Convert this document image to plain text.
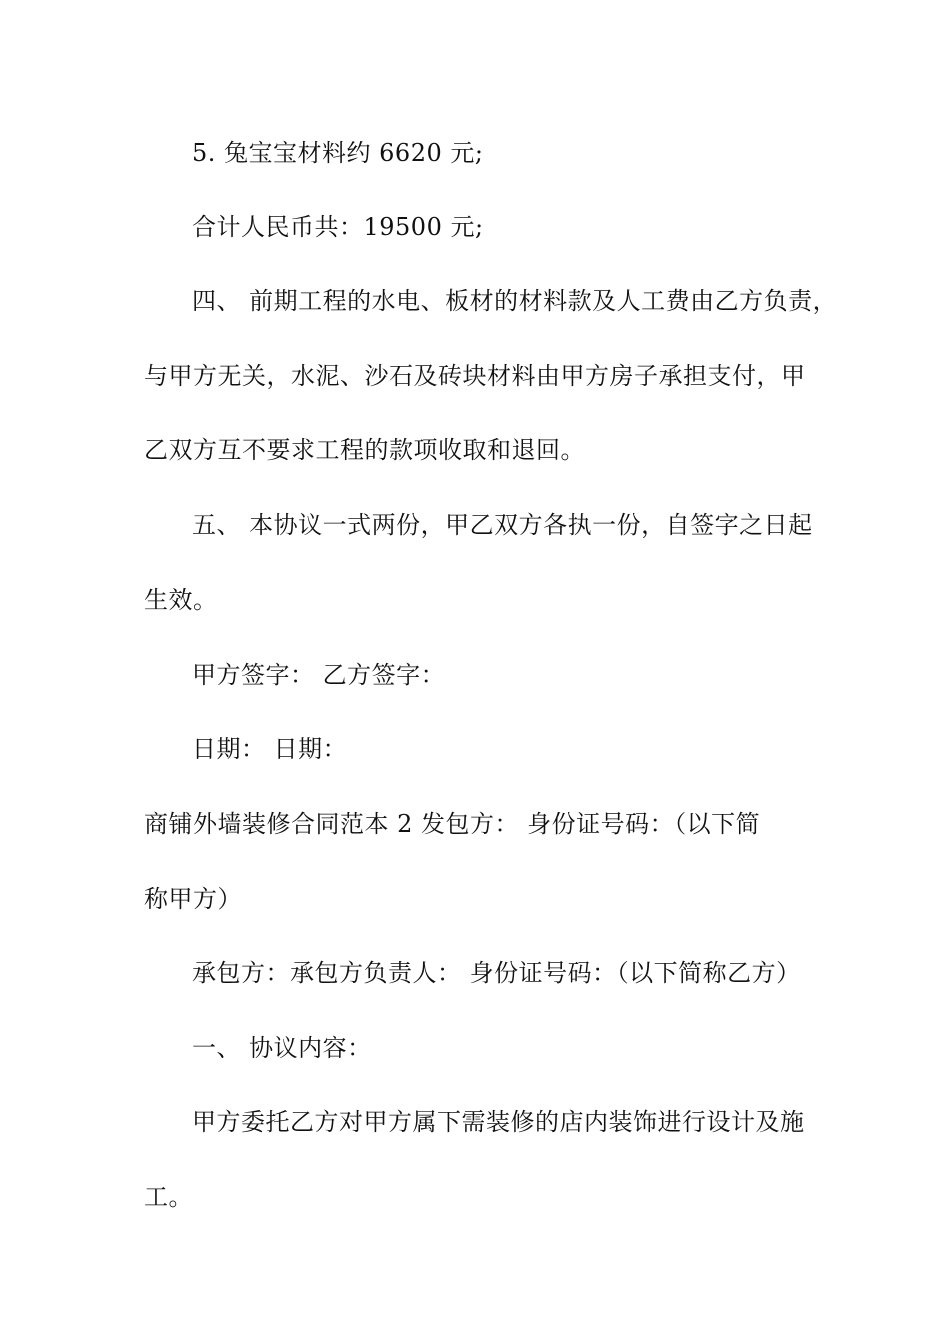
5. 兔宝宝材料约 6620 元;
合计人民币共：19500 元;
四、 前期工程的水电、板材的材料款及人工费由乙方负责，
与甲方无关，水泥、沙石及砖块材料由甲方房子承担支付，甲
乙双方互不要求工程的款项收取和退回。
五、 本协议一式两份，甲乙双方各执一份，自签字之日起
生效。
甲方签字： 乙方签字：
日期： 日期：
商铺外墙装修合同范本 2 发包方： 身份证号码：（以下简
称甲方）
承包方：承包方负责人： 身份证号码：（以下简称乙方）
一、 协议内容：
甲方委托乙方对甲方属下需装修的店内装饰进行设计及施
工。
